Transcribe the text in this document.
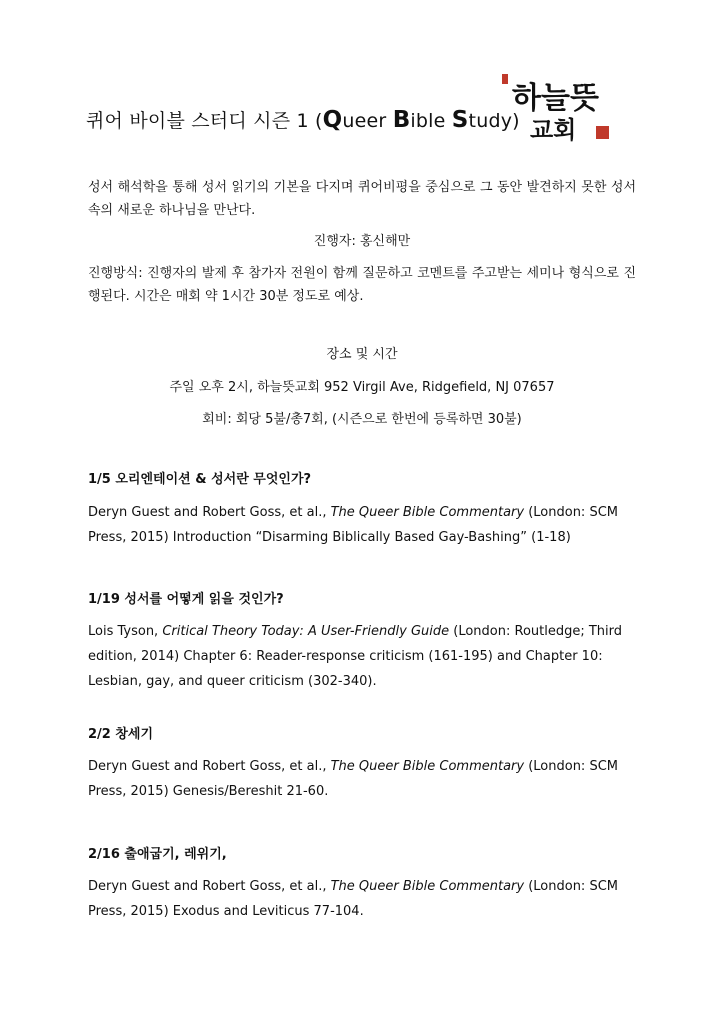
퀴어 바이블 스터디 시즌 1 (Queer Bible Study)
하늘뜻
교회
성서 해석학을 통해 성서 읽기의 기본을 다지며 퀴어비평을 중심으로 그 동안 발견하지 못한 성서 속의 새로운 하나님을 만난다.
진행자: 홍신해만
진행방식: 진행자의 발제 후 참가자 전원이 함께 질문하고 코멘트를 주고받는 세미나 형식으로 진행된다. 시간은 매회 약 1시간 30분 정도로 예상.
장소 및 시간
주일 오후 2시, 하늘뜻교회 952 Virgil Ave, Ridgefield, NJ 07657
회비: 회당 5불/총7회, (시즌으로 한번에 등록하면 30불)
1/5 오리엔테이션 & 성서란 무엇인가?
Deryn Guest and Robert Goss, et al., The Queer Bible Commentary (London: SCM Press, 2015) Introduction “Disarming Biblically Based Gay-Bashing” (1-18)
1/19 성서를 어떻게 읽을 것인가?
Lois Tyson, Critical Theory Today: A User-Friendly Guide (London: Routledge; Third edition, 2014) Chapter 6: Reader-response criticism (161-195) and Chapter 10: Lesbian, gay, and queer criticism (302-340).
2/2 창세기
Deryn Guest and Robert Goss, et al., The Queer Bible Commentary (London: SCM Press, 2015) Genesis/Bereshit 21-60.
2/16 출애굽기, 레위기,
Deryn Guest and Robert Goss, et al., The Queer Bible Commentary (London: SCM Press, 2015) Exodus and Leviticus 77-104.
